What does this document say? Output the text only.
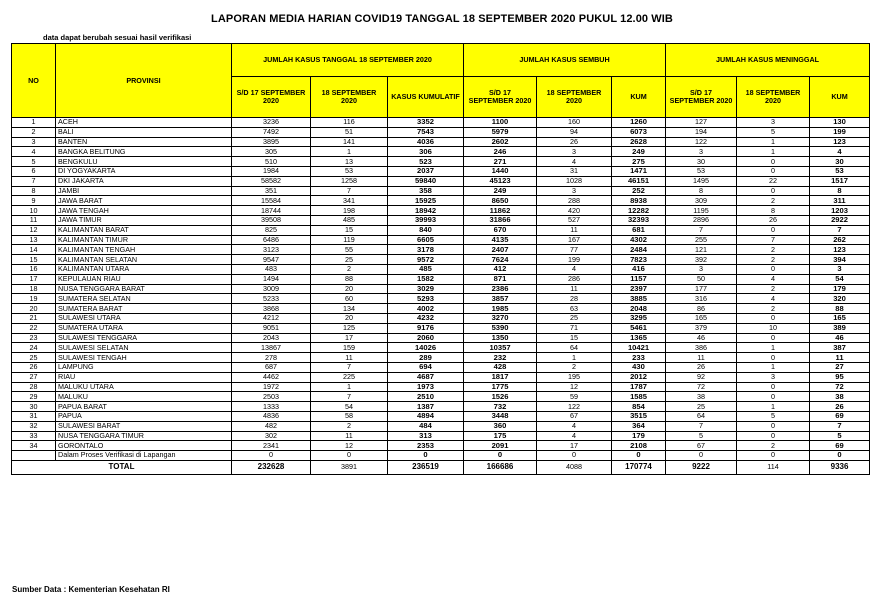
LAPORAN MEDIA HARIAN COVID19 TANGGAL 18 SEPTEMBER 2020 PUKUL 12.00 WIB
data dapat berubah sesuai hasil verifikasi
NO	PROVINSI	JUMLAH KASUS TANGGAL 18 SEPTEMBER 2020			JUMLAH KASUS SEMBUH			JUMLAH KASUS MENINGGAL		
		S/D 17 SEPTEMBER 2020	18 SEPTEMBER 2020	KASUS KUMULATIF	S/D 17 SEPTEMBER 2020	18 SEPTEMBER 2020	KUM	S/D 17 SEPTEMBER 2020	18 SEPTEMBER 2020	KUM
1	ACEH	3236	116	3352	1100	160	1260	127	3	130
2	BALI	7492	51	7543	5979	94	6073	194	5	199
3	BANTEN	3895	141	4036	2602	26	2628	122	1	123
4	BANGKA BELITUNG	305	1	306	246	3	249	3	1	4
5	BENGKULU	510	13	523	271	4	275	30	0	30
6	DI YOGYAKARTA	1984	53	2037	1440	31	1471	53	0	53
7	DKI JAKARTA	58582	1258	59840	45123	1028	46151	1495	22	1517
8	JAMBI	351	7	358	249	3	252	8	0	8
9	JAWA BARAT	15584	341	15925	8650	288	8938	309	2	311
10	JAWA TENGAH	18744	198	18942	11862	420	12282	1195	8	1203
11	JAWA TIMUR	39508	485	39993	31866	527	32393	2896	26	2922
12	KALIMANTAN BARAT	825	15	840	670	11	681	7	0	7
13	KALIMANTAN TIMUR	6486	119	6605	4135	167	4302	255	7	262
14	KALIMANTAN TENGAH	3123	55	3178	2407	77	2484	121	2	123
15	KALIMANTAN SELATAN	9547	25	9572	7624	199	7823	392	2	394
16	KALIMANTAN UTARA	483	2	485	412	4	416	3	0	3
17	KEPULAUAN RIAU	1494	88	1582	871	286	1157	50	4	54
18	NUSA TENGGARA BARAT	3009	20	3029	2386	11	2397	177	2	179
19	SUMATERA SELATAN	5233	60	5293	3857	28	3885	316	4	320
20	SUMATERA BARAT	3868	134	4002	1985	63	2048	86	2	88
21	SULAWESI UTARA	4212	20	4232	3270	25	3295	165	0	165
22	SUMATERA UTARA	9051	125	9176	5390	71	5461	379	10	389
23	SULAWESI TENGGARA	2043	17	2060	1350	15	1365	46	0	46
24	SULAWESI SELATAN	13867	159	14026	10357	64	10421	386	1	387
25	SULAWESI TENGAH	278	11	289	232	1	233	11	0	11
26	LAMPUNG	687	7	694	428	2	430	26	1	27
27	RIAU	4462	225	4687	1817	195	2012	92	3	95
28	MALUKU UTARA	1972	1	1973	1775	12	1787	72	0	72
29	MALUKU	2503	7	2510	1526	59	1585	38	0	38
30	PAPUA BARAT	1333	54	1387	732	122	854	25	1	26
31	PAPUA	4836	58	4894	3448	67	3515	64	5	69
32	SULAWESI BARAT	482	2	484	360	4	364	7	0	7
33	NUSA TENGGARA TIMUR	302	11	313	175	4	179	5	0	5
34	GORONTALO	2341	12	2353	2091	17	2108	67	2	69
	Dalam Proses Verifikasi di Lapangan	0	0	0	0	0	0	0	0	0
TOTAL		232628	3891	236519	166686	4088	170774	9222	114	9336
Sumber Data : Kementerian Kesehatan RI
